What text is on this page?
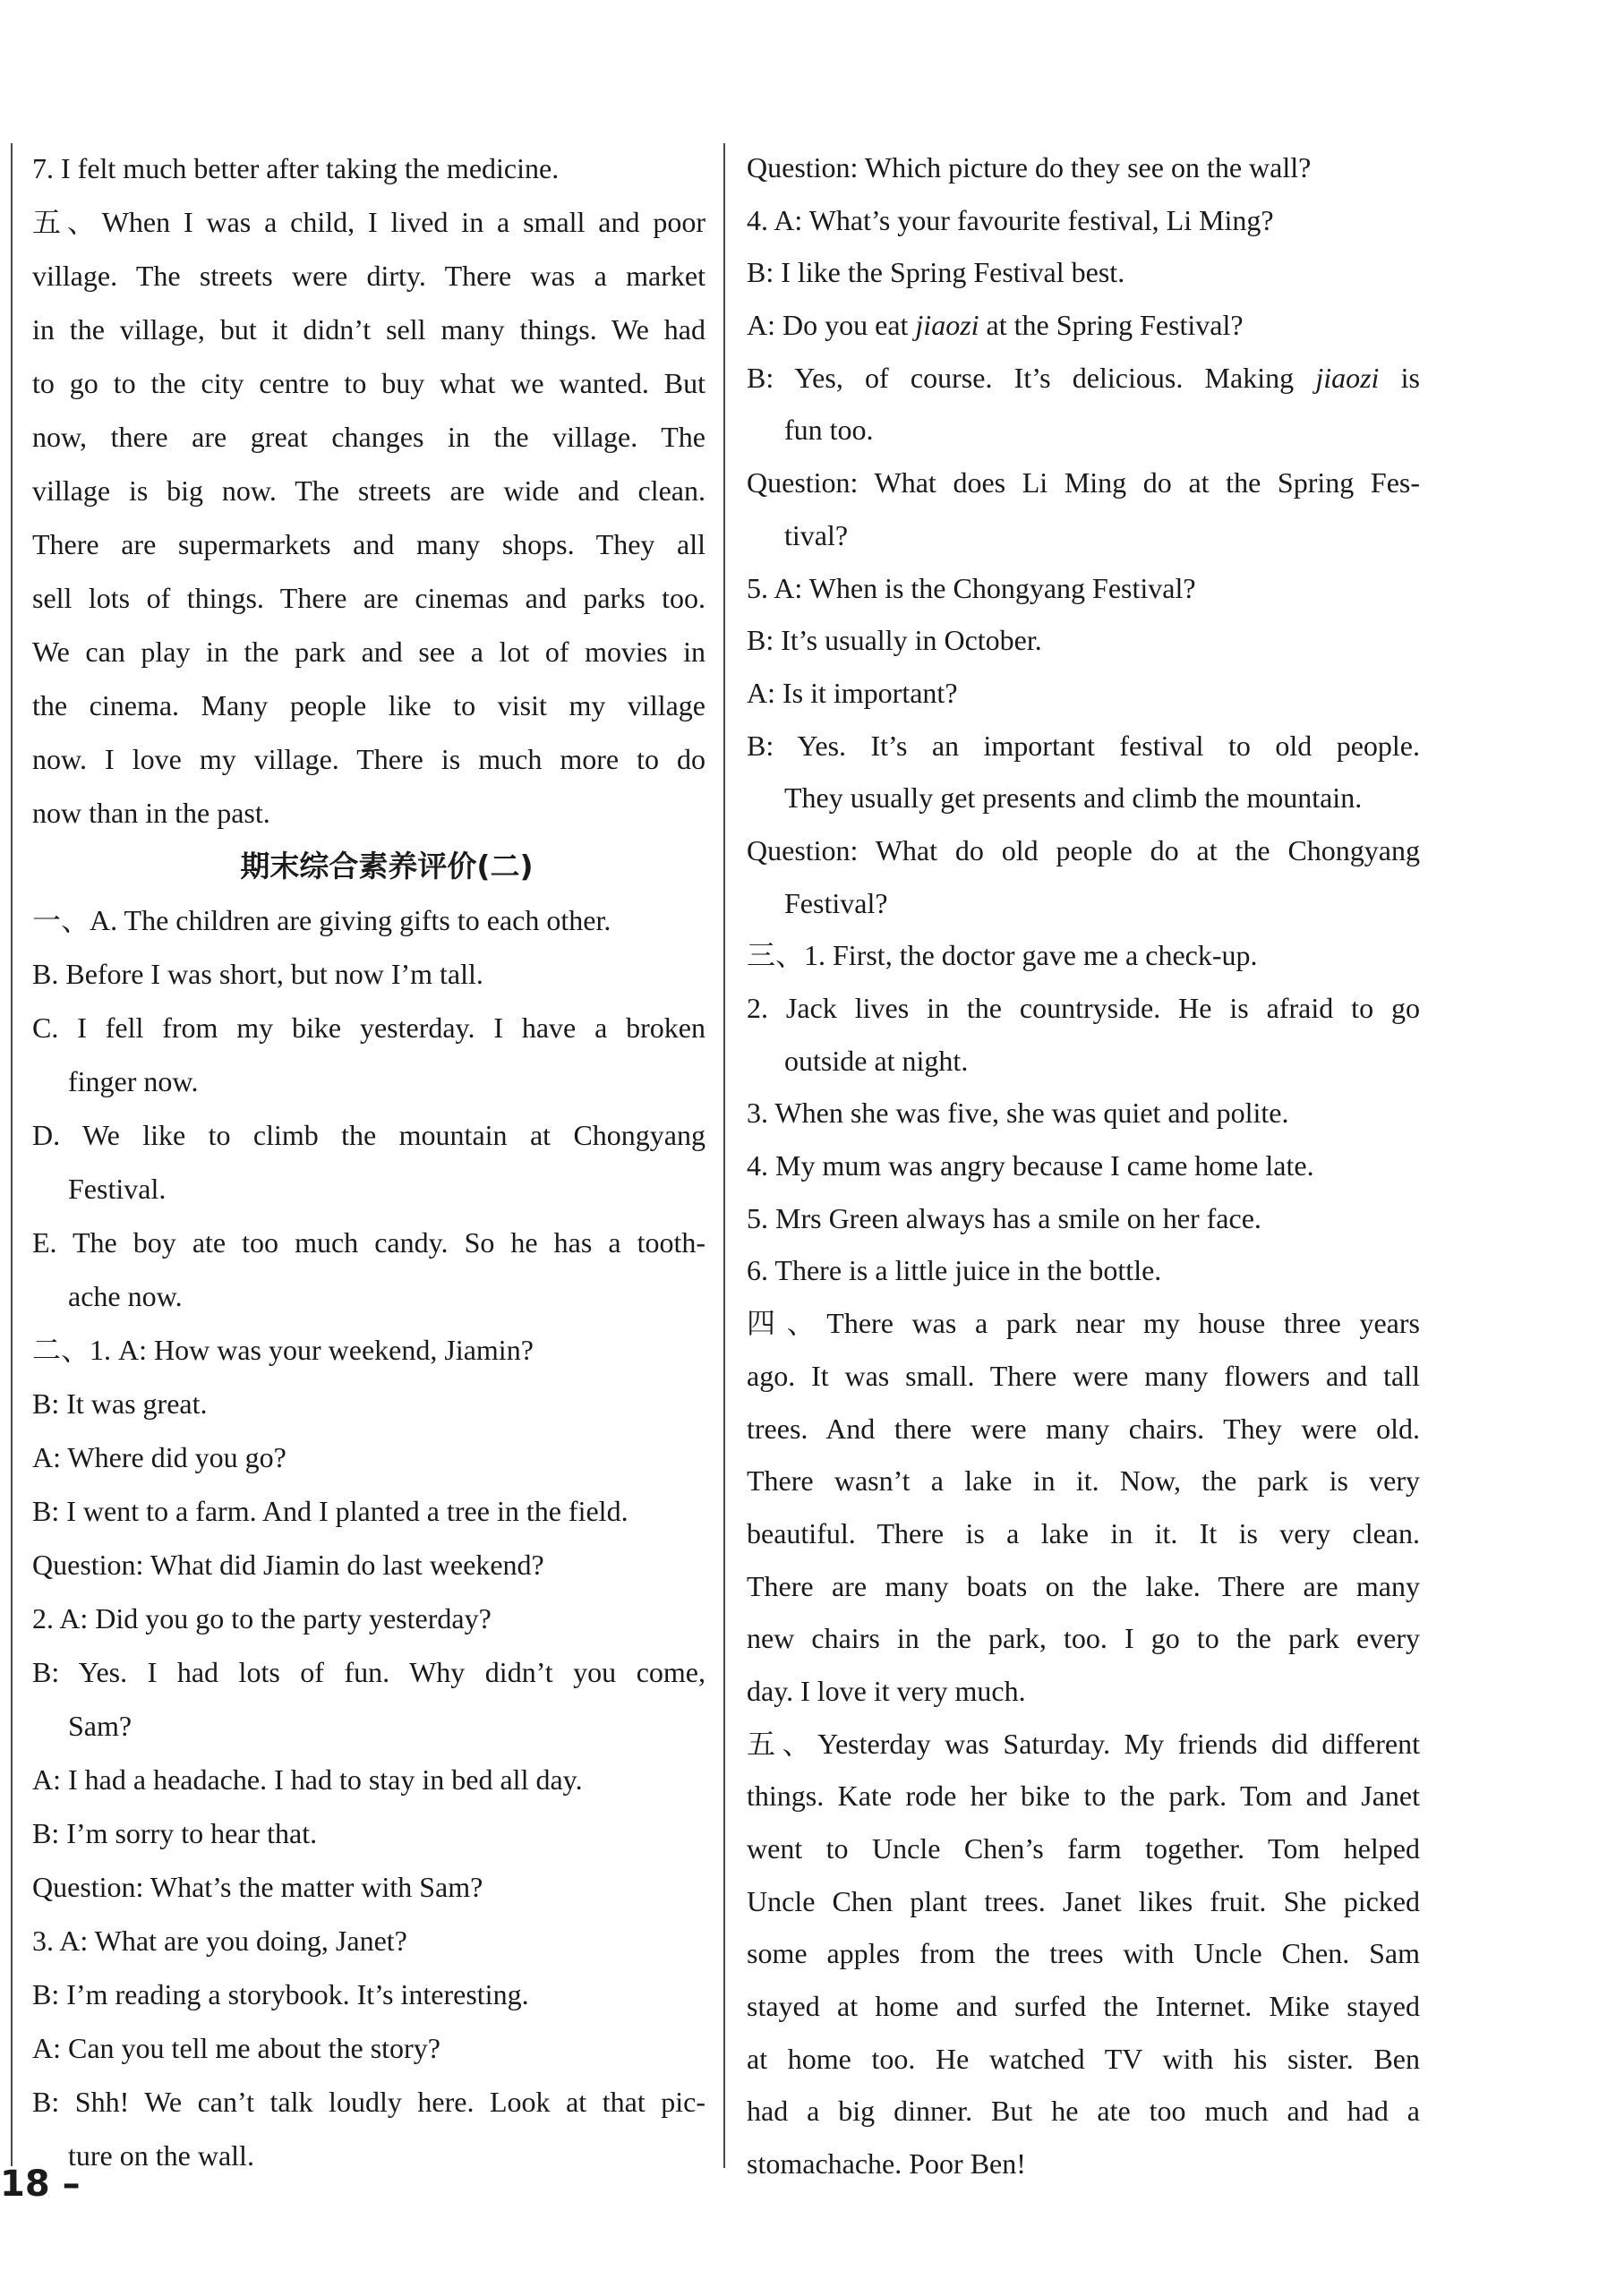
7. I felt much better after taking the medicine.
五、When I was a child, I lived in a small and poor
village. The streets were dirty. There was a market
in the village, but it didn’t sell many things. We had
to go to the city centre to buy what we wanted. But
now, there are great changes in the village. The
village is big now. The streets are wide and clean.
There are supermarkets and many shops. They all
sell lots of things. There are cinemas and parks too.
We can play in the park and see a lot of movies in
the cinema. Many people like to visit my village
now. I love my village. There is much more to do
now than in the past.
期末综合素养评价(二)
一、A. The children are giving gifts to each other.
B. Before I was short, but now I’m tall.
C. I fell from my bike yesterday. I have a broken
finger now.
D. We like to climb the mountain at Chongyang
Festival.
E. The boy ate too much candy. So he has a tooth-
ache now.
二、1. A: How was your weekend, Jiamin?
B: It was great.
A: Where did you go?
B: I went to a farm. And I planted a tree in the field.
Question: What did Jiamin do last weekend?
2. A: Did you go to the party yesterday?
B: Yes. I had lots of fun. Why didn’t you come,
Sam?
A: I had a headache. I had to stay in bed all day.
B: I’m sorry to hear that.
Question: What’s the matter with Sam?
3. A: What are you doing, Janet?
B: I’m reading a storybook. It’s interesting.
A: Can you tell me about the story?
B: Shh! We can’t talk loudly here. Look at that pic-
ture on the wall.
Question: Which picture do they see on the wall?
4. A: What’s your favourite festival, Li Ming?
B: I like the Spring Festival best.
A: Do you eat jiaozi at the Spring Festival?
B: Yes, of course. It’s delicious. Making jiaozi is
fun too.
Question: What does Li Ming do at the Spring Fes-
tival?
5. A: When is the Chongyang Festival?
B: It’s usually in October.
A: Is it important?
B: Yes. It’s an important festival to old people.
They usually get presents and climb the mountain.
Question: What do old people do at the Chongyang
Festival?
三、1. First, the doctor gave me a check-up.
2. Jack lives in the countryside. He is afraid to go
outside at night.
3. When she was five, she was quiet and polite.
4. My mum was angry because I came home late.
5. Mrs Green always has a smile on her face.
6. There is a little juice in the bottle.
四、There was a park near my house three years
ago. It was small. There were many flowers and tall
trees. And there were many chairs. They were old.
There wasn’t a lake in it. Now, the park is very
beautiful. There is a lake in it. It is very clean.
There are many boats on the lake. There are many
new chairs in the park, too. I go to the park every
day. I love it very much.
五、Yesterday was Saturday. My friends did different
things. Kate rode her bike to the park. Tom and Janet
went to Uncle Chen’s farm together. Tom helped
Uncle Chen plant trees. Janet likes fruit. She picked
some apples from the trees with Uncle Chen. Sam
stayed at home and surfed the Internet. Mike stayed
at home too. He watched TV with his sister. Ben
had a big dinner. But he ate too much and had a
stomachache. Poor Ben!
18 –
